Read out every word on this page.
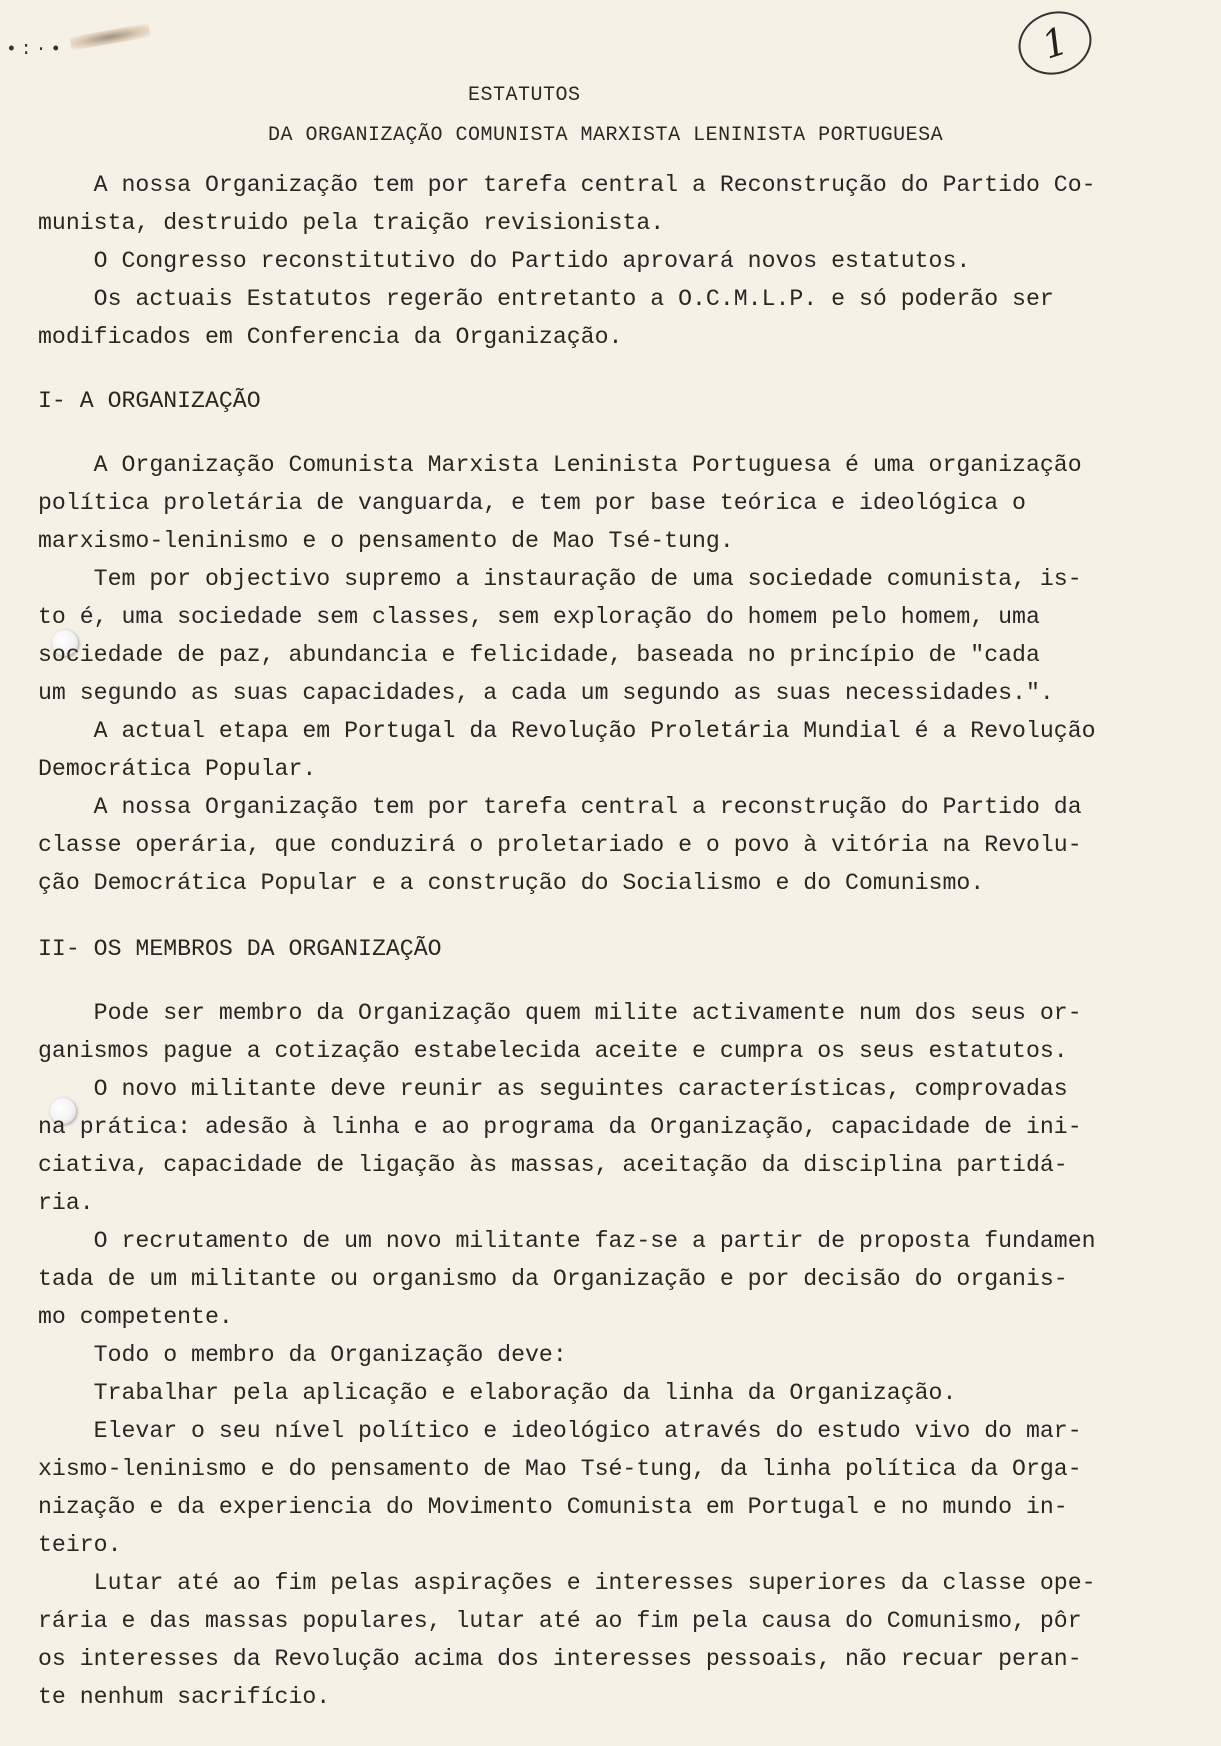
•:·•	1
ESTATUTOS
DA ORGANIZAÇÃO COMUNISTA MARXISTA LENINISTA PORTUGUESA
A nossa Organização tem por tarefa central a Reconstrução do Partido Co-
munista, destruido pela traição revisionista.
O Congresso reconstitutivo do Partido aprovará novos estatutos.
Os actuais Estatutos regerão entretanto a O.C.M.L.P. e só poderão ser
modificados em Conferencia da Organização.
I- A ORGANIZAÇÃO
A Organização Comunista Marxista Leninista Portuguesa é uma organização
política proletária de vanguarda, e tem por base teórica e ideológica o
marxismo-leninismo e o pensamento de Mao Tsé-tung.
Tem por objectivo supremo a instauração de uma sociedade comunista, is-
to é, uma sociedade sem classes, sem exploração do homem pelo homem, uma
sociedade de paz, abundancia e felicidade, baseada no princípio de "cada
um segundo as suas capacidades, a cada um segundo as suas necessidades.".
A actual etapa em Portugal da Revolução Proletária Mundial é a Revolução
Democrática Popular.
A nossa Organização tem por tarefa central a reconstrução do Partido da
classe operária, que conduzirá o proletariado e o povo à vitória na Revolu-
ção Democrática Popular e a construção do Socialismo e do Comunismo.
II- OS MEMBROS DA ORGANIZAÇÃO
Pode ser membro da Organização quem milite activamente num dos seus or-
ganismos pague a cotização estabelecida aceite e cumpra os seus estatutos.
O novo militante deve reunir as seguintes características, comprovadas
na prática: adesão à linha e ao programa da Organização, capacidade de ini-
ciativa, capacidade de ligação às massas, aceitação da disciplina partidá-
ria.
O recrutamento de um novo militante faz-se a partir de proposta fundamen
tada de um militante ou organismo da Organização e por decisão do organis-
mo competente.
Todo o membro da Organização deve:
Trabalhar pela aplicação e elaboração da linha da Organização.
Elevar o seu nível político e ideológico através do estudo vivo do mar-
xismo-leninismo e do pensamento de Mao Tsé-tung, da linha política da Orga-
nização e da experiencia do Movimento Comunista em Portugal e no mundo in-
teiro.
Lutar até ao fim pelas aspirações e interesses superiores da classe ope-
rária e das massas populares, lutar até ao fim pela causa do Comunismo, pôr
os interesses da Revolução acima dos interesses pessoais, não recuar peran-
te nenhum sacrifício.
